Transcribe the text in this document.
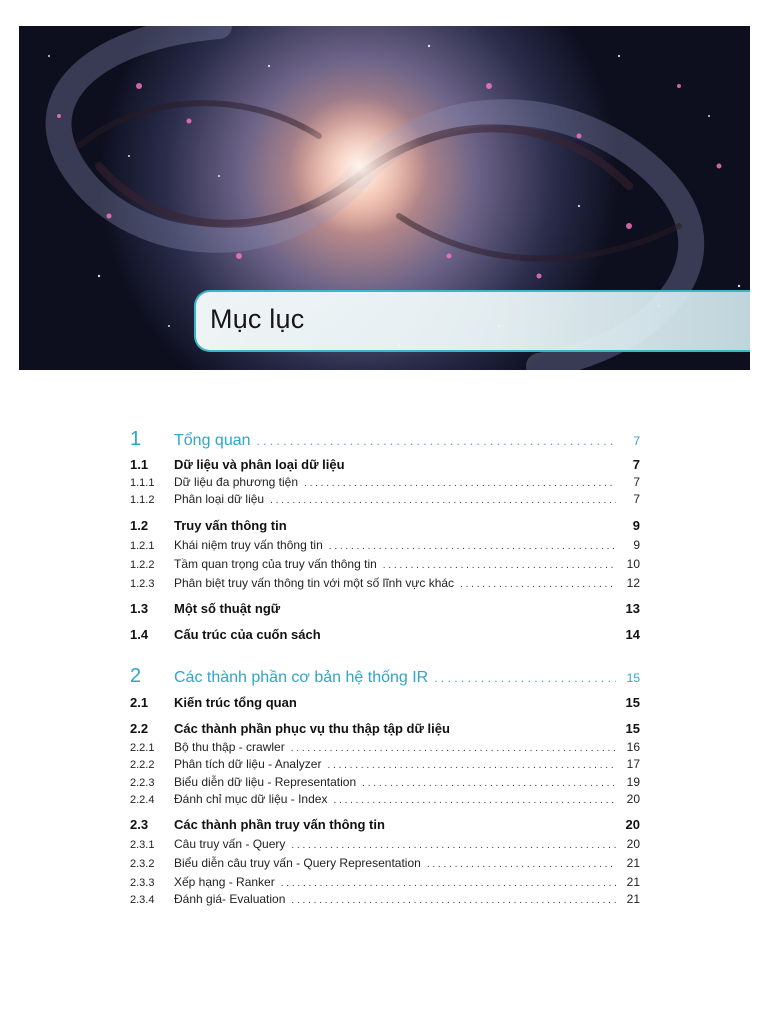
Mục lục
1	Tổng quan . . .	7
1.1	Dữ liệu và phân loại dữ liệu	7
1.1.1	Dữ liệu đa phương tiện . . .	7
1.1.2	Phân loại dữ liệu . . .	7
1.2	Truy vấn thông tin	9
1.2.1	Khái niệm truy vấn thông tin . . .	9
1.2.2	Tầm quan trọng của truy vấn thông tin . . .	10
1.2.3	Phân biệt truy vấn thông tin với một số lĩnh vực khác . . .	12
1.3	Một số thuật ngữ	13
1.4	Cấu trúc của cuốn sách	14
2	Các thành phần cơ bản hệ thống IR . . .	15
2.1	Kiến trúc tổng quan	15
2.2	Các thành phần phục vụ thu thập tập dữ liệu	15
2.2.1	Bộ thu thập - crawler . . .	16
2.2.2	Phân tích dữ liệu - Analyzer . . .	17
2.2.3	Biểu diễn dữ liệu - Representation . . .	19
2.2.4	Đánh chỉ mục dữ liệu - Index . . .	20
2.3	Các thành phần truy vấn thông tin	20
2.3.1	Câu truy vấn - Query . . .	20
2.3.2	Biểu diễn câu truy vấn - Query Representation . . .	21
2.3.3	Xếp hạng - Ranker . . .	21
2.3.4	Đánh giá- Evaluation . . .	21
